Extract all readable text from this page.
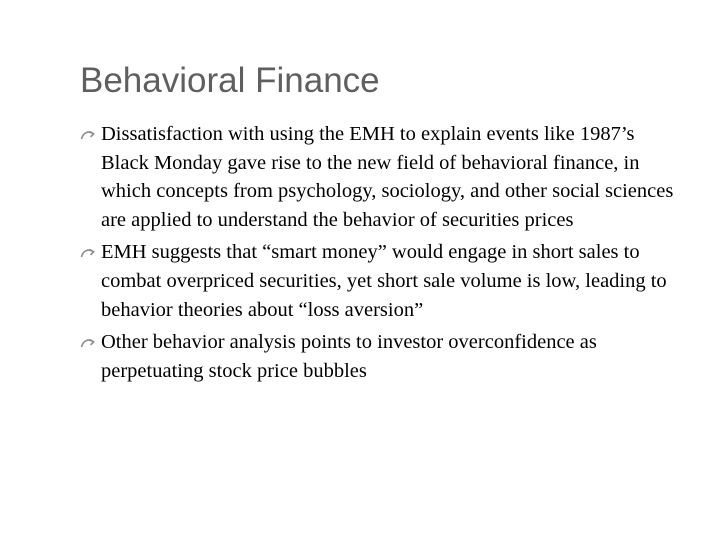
Behavioral Finance
Dissatisfaction with using the EMH to explain events like 1987’s Black Monday gave rise to the new field of behavioral finance, in which concepts from psychology, sociology, and other social sciences are applied to understand the behavior of securities prices
EMH suggests that “smart money” would engage in short sales to combat overpriced securities, yet short sale volume is low, leading to behavior theories about “loss aversion”
Other behavior analysis points to investor overconfidence as perpetuating stock price bubbles
